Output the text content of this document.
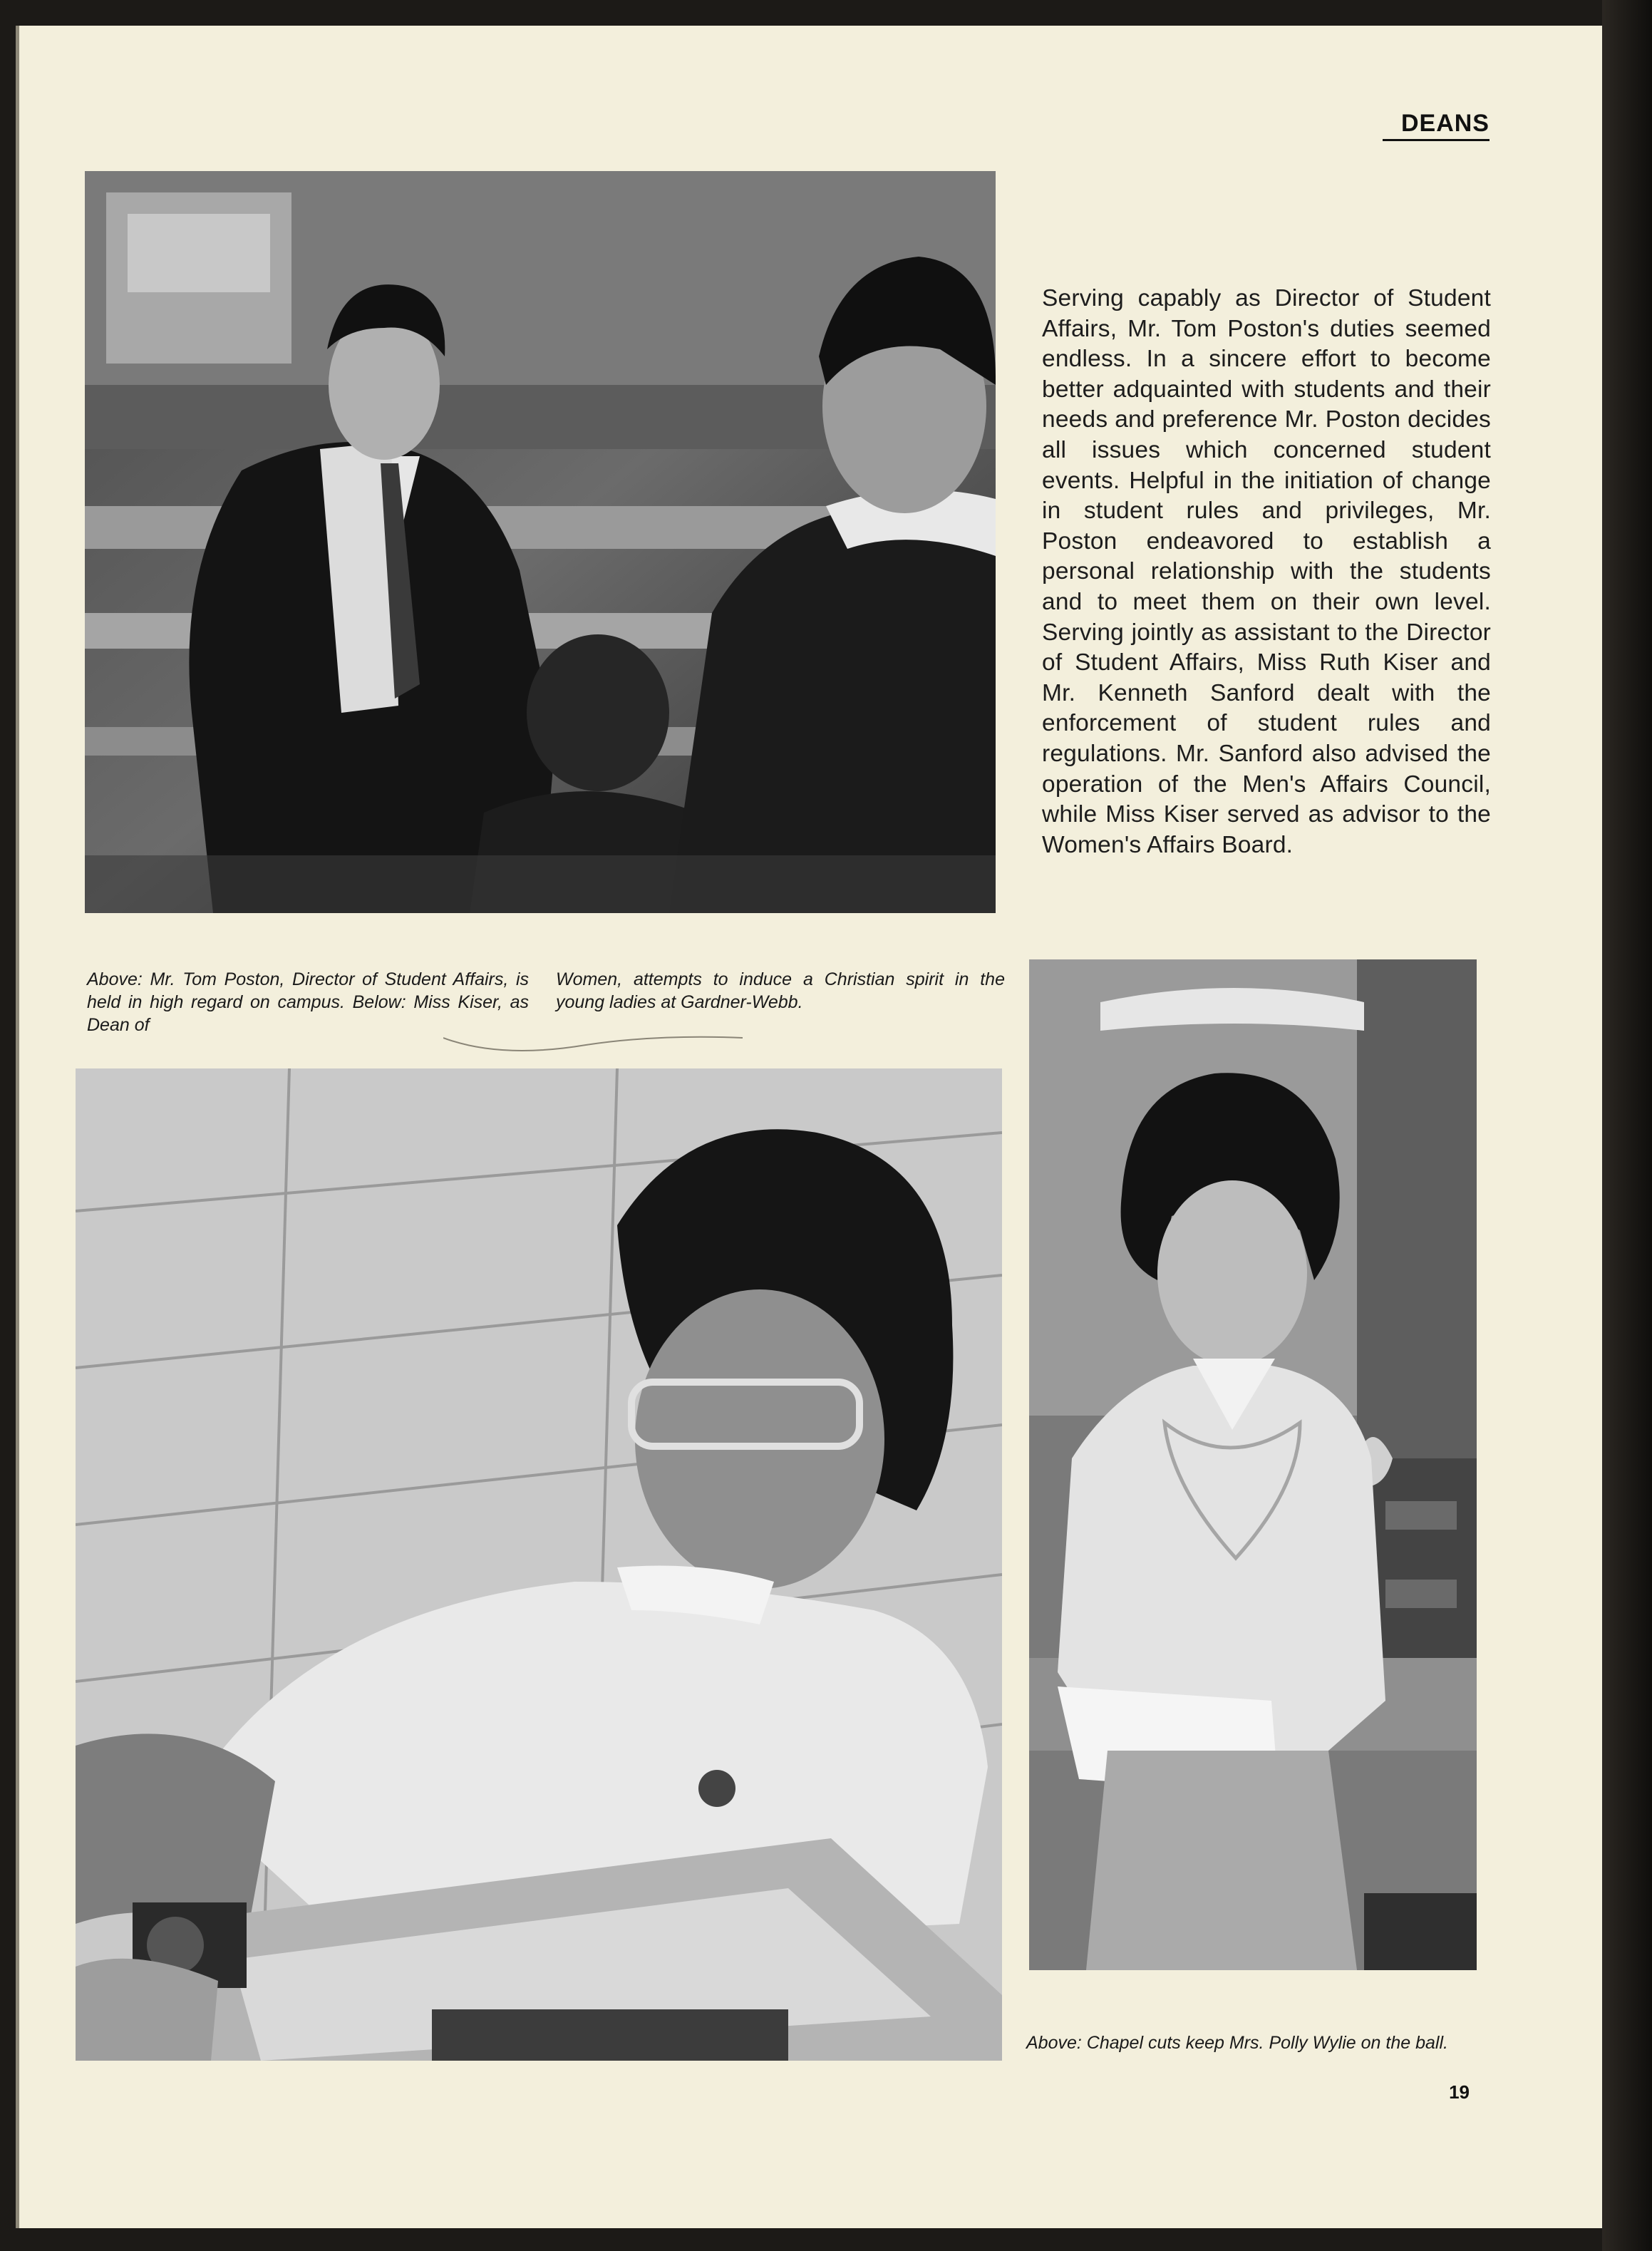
DEANS

Serving capably as Director of Student Affairs, Mr. Tom Poston's duties seemed endless. In a sincere effort to become better adquainted with students and their needs and preference Mr. Poston decides all issues which concerned student events. Helpful in the initiation of change in student rules and privileges, Mr. Poston endeavored to establish a personal relationship with the students and to meet them on their own level. Serving jointly as assistant to the Director of Student Affairs, Miss Ruth Kiser and Mr. Kenneth Sanford dealt with the enforcement of student rules and regulations. Mr. Sanford also advised the operation of the Men's Affairs Council, while Miss Kiser served as advisor to the Women's Affairs Board.

Above: Mr. Tom Poston, Director of Student Affairs, is held in high regard on campus. Below: Miss Kiser, as Dean of

Women, attempts to induce a Christian spirit in the young ladies at Gardner-Webb.

Above: Chapel cuts keep Mrs. Polly Wylie on the ball.

19
